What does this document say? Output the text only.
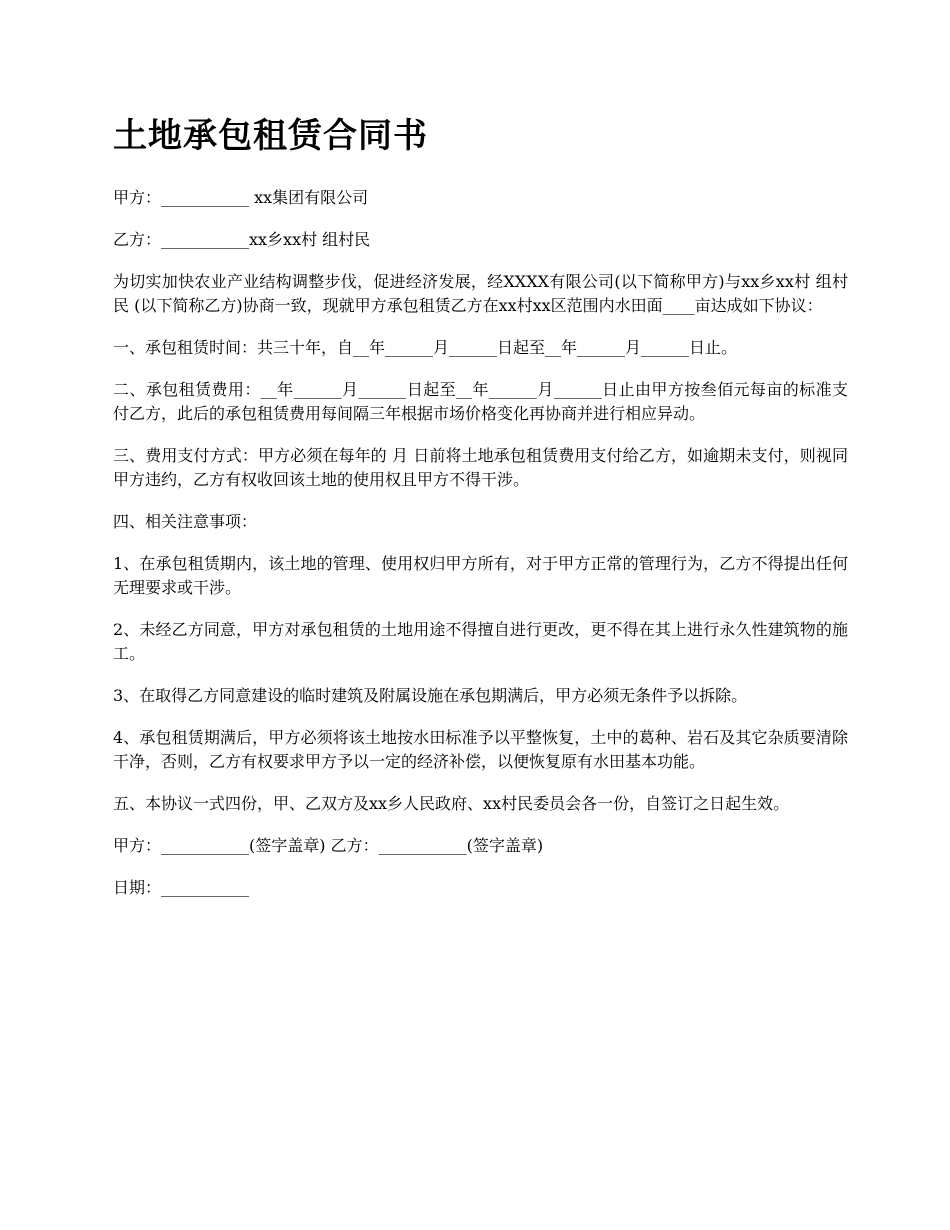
土地承包租赁合同书

甲方：___________ xx集团有限公司

乙方：___________xx乡xx村 组村民

为切实加快农业产业结构调整步伐，促进经济发展，经XXXX有限公司(以下简称甲方)与xx乡xx村 组村民 (以下简称乙方)协商一致，现就甲方承包租赁乙方在xx村xx区范围内水田面____亩达成如下协议：

一、承包租赁时间：共三十年，自__年______月______日起至__年______月______日止。

二、承包租赁费用：__年______月______日起至__年______月______日止由甲方按叁佰元每亩的标准支付乙方，此后的承包租赁费用每间隔三年根据市场价格变化再协商并进行相应异动。

三、费用支付方式：甲方必须在每年的 月 日前将土地承包租赁费用支付给乙方，如逾期未支付，则视同甲方违约，乙方有权收回该土地的使用权且甲方不得干涉。

四、相关注意事项：

1、在承包租赁期内，该土地的管理、使用权归甲方所有，对于甲方正常的管理行为，乙方不得提出任何无理要求或干涉。

2、未经乙方同意，甲方对承包租赁的土地用途不得擅自进行更改，更不得在其上进行永久性建筑物的施工。

3、在取得乙方同意建设的临时建筑及附属设施在承包期满后，甲方必须无条件予以拆除。

4、承包租赁期满后，甲方必须将该土地按水田标准予以平整恢复，土中的葛种、岩石及其它杂质要清除干净，否则，乙方有权要求甲方予以一定的经济补偿，以便恢复原有水田基本功能。

五、本协议一式四份，甲、乙双方及xx乡人民政府、xx村民委员会各一份，自签订之日起生效。

甲方：___________(签字盖章) 乙方：___________(签字盖章)

日期：___________
